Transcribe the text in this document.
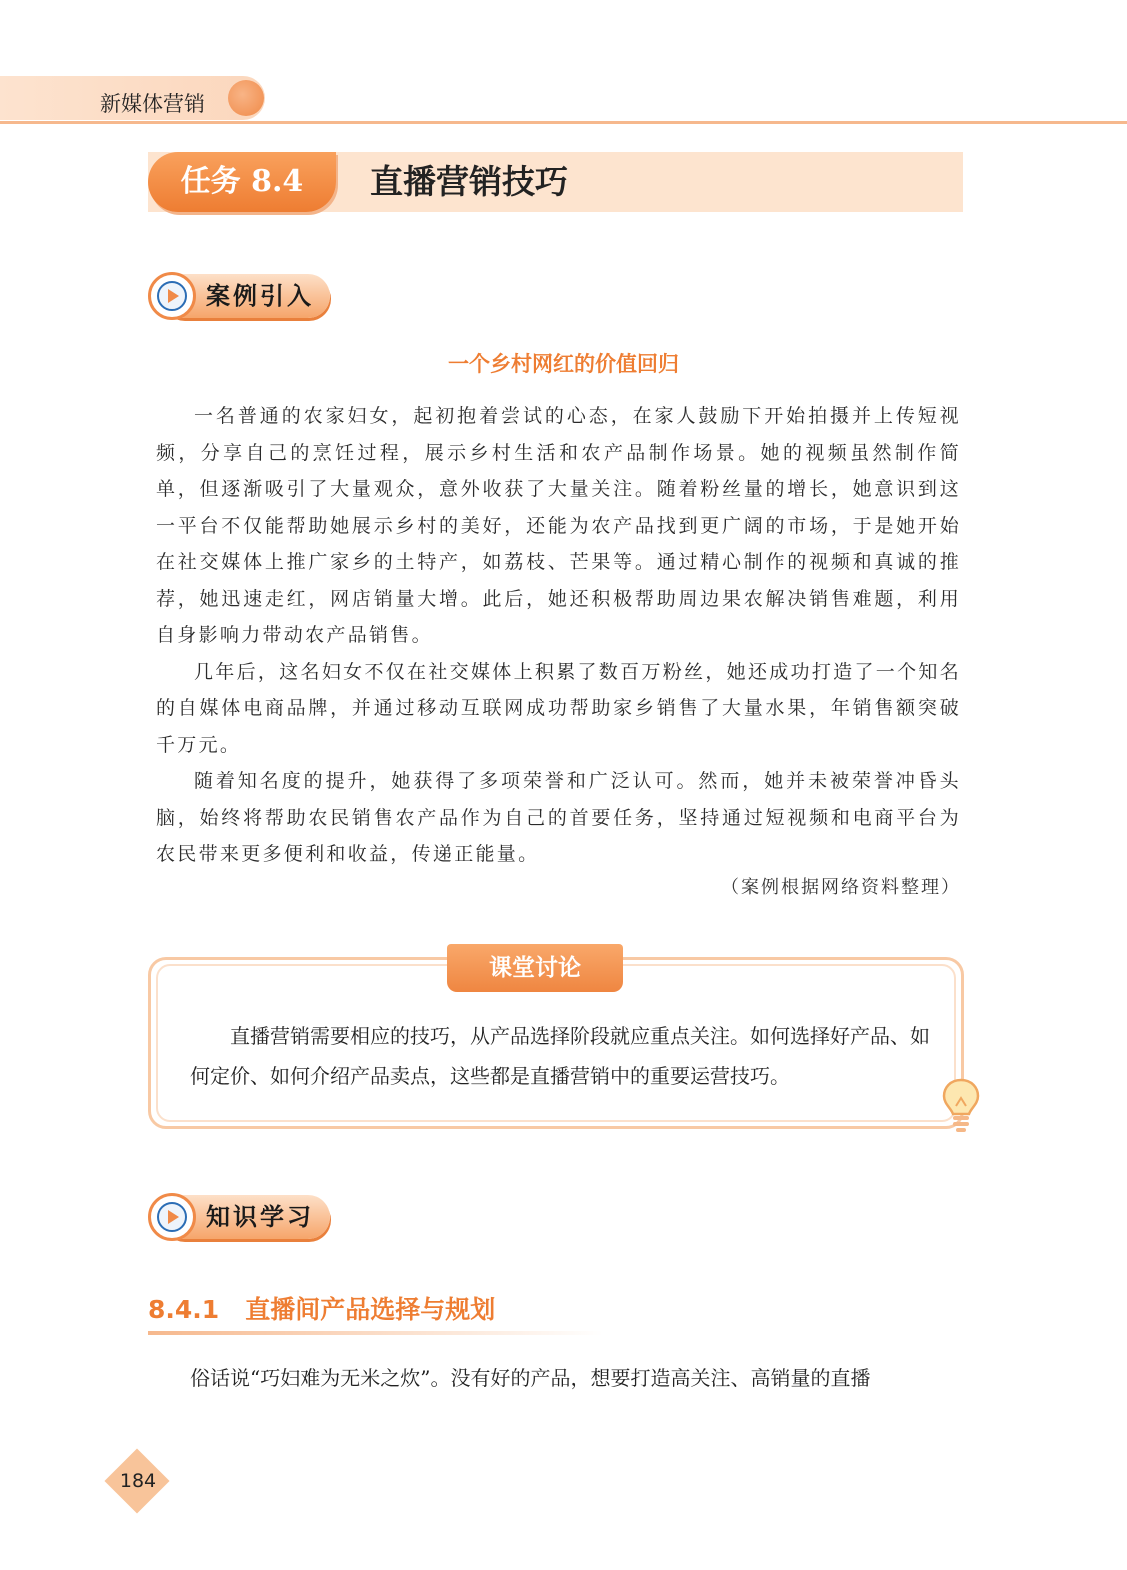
新媒体营销
任务 8.4	直播营销技巧
案例引入
一个乡村网红的价值回归

一名普通的农家妇女，起初抱着尝试的心态，在家人鼓励下开始拍摄并上传短视频，分享自己的烹饪过程，展示乡村生活和农产品制作场景。她的视频虽然制作简单，但逐渐吸引了大量观众，意外收获了大量关注。随着粉丝量的增长，她意识到这一平台不仅能帮助她展示乡村的美好，还能为农产品找到更广阔的市场，于是她开始在社交媒体上推广家乡的土特产，如荔枝、芒果等。通过精心制作的视频和真诚的推荐，她迅速走红，网店销量大增。此后，她还积极帮助周边果农解决销售难题，利用自身影响力带动农产品销售。

几年后，这名妇女不仅在社交媒体上积累了数百万粉丝，她还成功打造了一个知名的自媒体电商品牌，并通过移动互联网成功帮助家乡销售了大量水果，年销售额突破千万元。

随着知名度的提升，她获得了多项荣誉和广泛认可。然而，她并未被荣誉冲昏头脑，始终将帮助农民销售农产品作为自己的首要任务，坚持通过短视频和电商平台为农民带来更多便利和收益，传递正能量。

（案例根据网络资料整理）
课堂讨论

直播营销需要相应的技巧，从产品选择阶段就应重点关注。如何选择好产品、如何定价、如何介绍产品卖点，这些都是直播营销中的重要运营技巧。

知识学习
8.4.1 直播间产品选择与规划
俗话说“巧妇难为无米之炊”。没有好的产品，想要打造高关注、高销量的直播
184
